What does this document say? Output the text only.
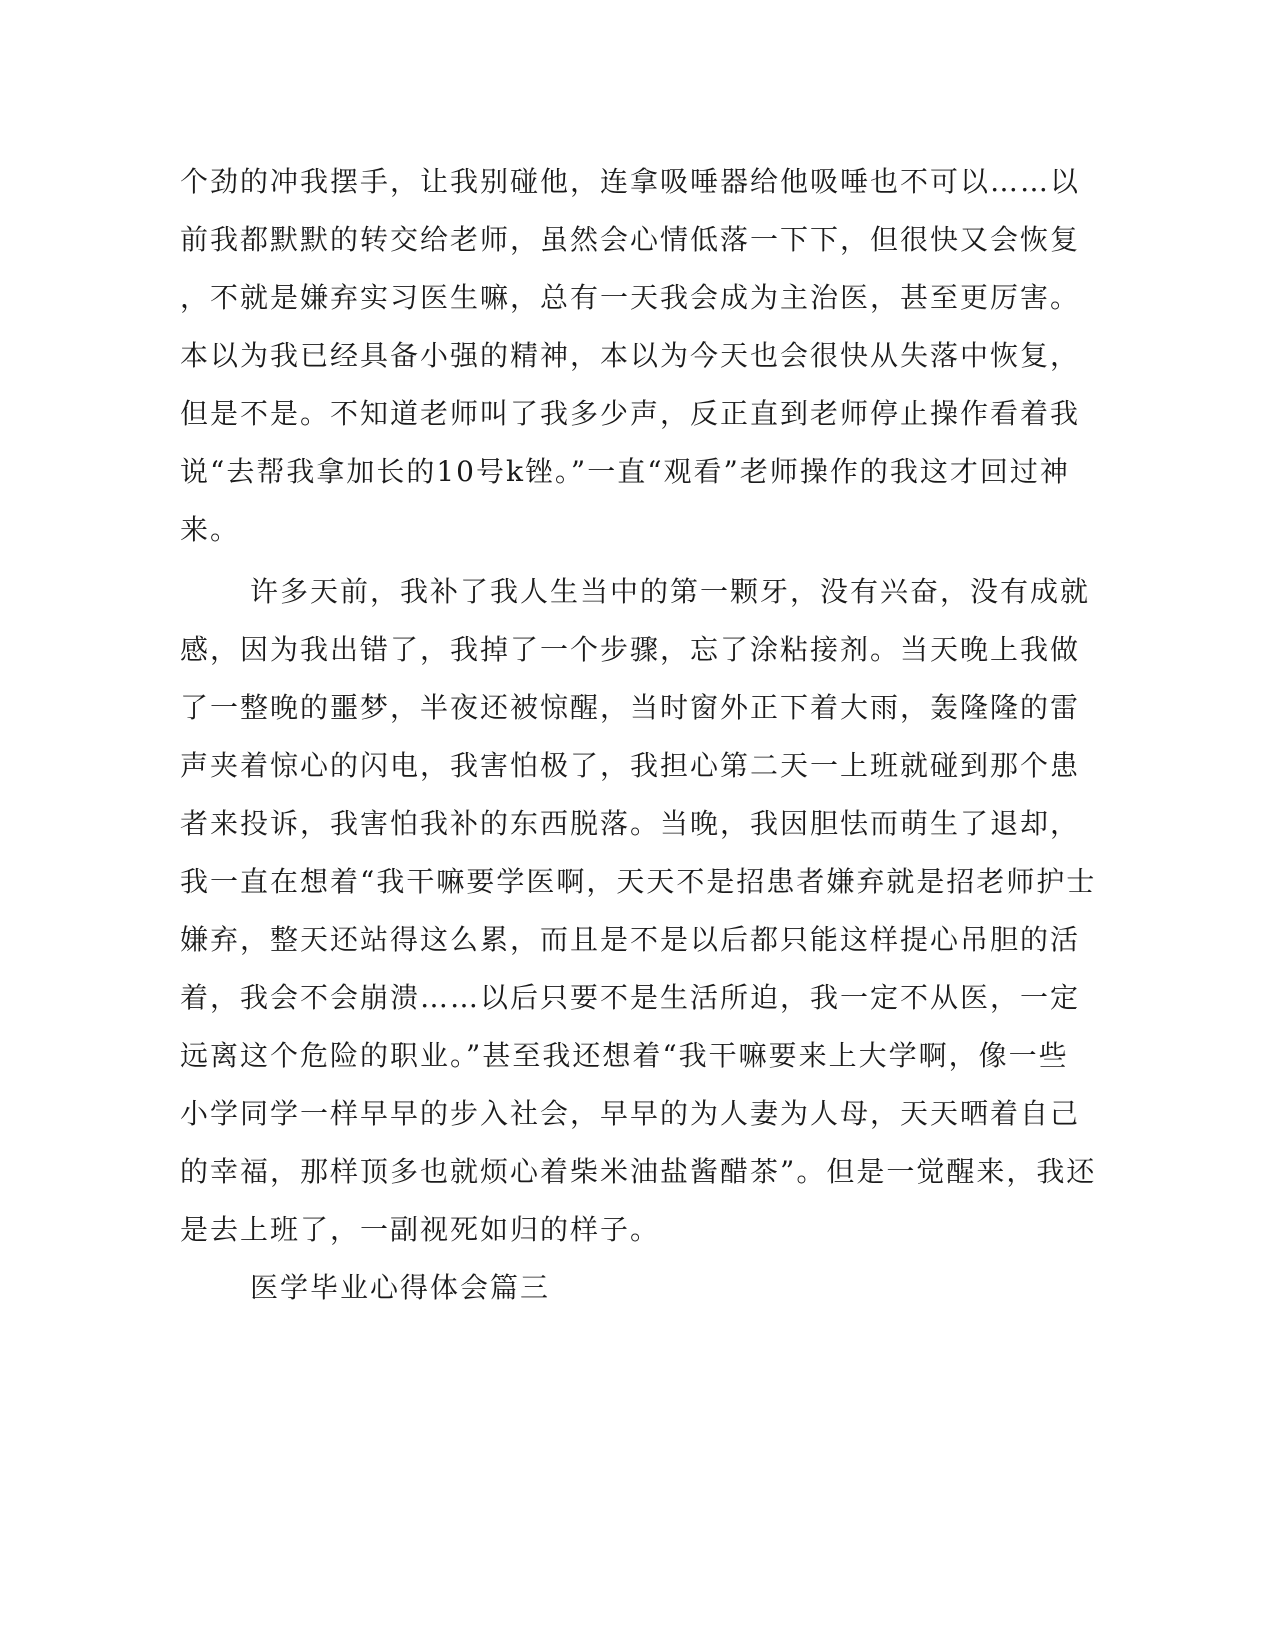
个劲的冲我摆手，让我别碰他，连拿吸唾器给他吸唾也不可以……以
前我都默默的转交给老师，虽然会心情低落一下下，但很快又会恢复
，不就是嫌弃实习医生嘛，总有一天我会成为主治医，甚至更厉害。
本以为我已经具备小强的精神，本以为今天也会很快从失落中恢复，
但是不是。不知道老师叫了我多少声，反正直到老师停止操作看着我
说“去帮我拿加长的10号k锉。”一直“观看”老师操作的我这才回过神
来。
许多天前，我补了我人生当中的第一颗牙，没有兴奋，没有成就
感，因为我出错了，我掉了一个步骤，忘了涂粘接剂。当天晚上我做
了一整晚的噩梦，半夜还被惊醒，当时窗外正下着大雨，轰隆隆的雷
声夹着惊心的闪电，我害怕极了，我担心第二天一上班就碰到那个患
者来投诉，我害怕我补的东西脱落。当晚，我因胆怯而萌生了退却，
我一直在想着“我干嘛要学医啊，天天不是招患者嫌弃就是招老师护士
嫌弃，整天还站得这么累，而且是不是以后都只能这样提心吊胆的活
着，我会不会崩溃……以后只要不是生活所迫，我一定不从医，一定
远离这个危险的职业。”甚至我还想着“我干嘛要来上大学啊，像一些
小学同学一样早早的步入社会，早早的为人妻为人母，天天晒着自己
的幸福，那样顶多也就烦心着柴米油盐酱醋茶”。但是一觉醒来，我还
是去上班了，一副视死如归的样子。
医学毕业心得体会篇三
